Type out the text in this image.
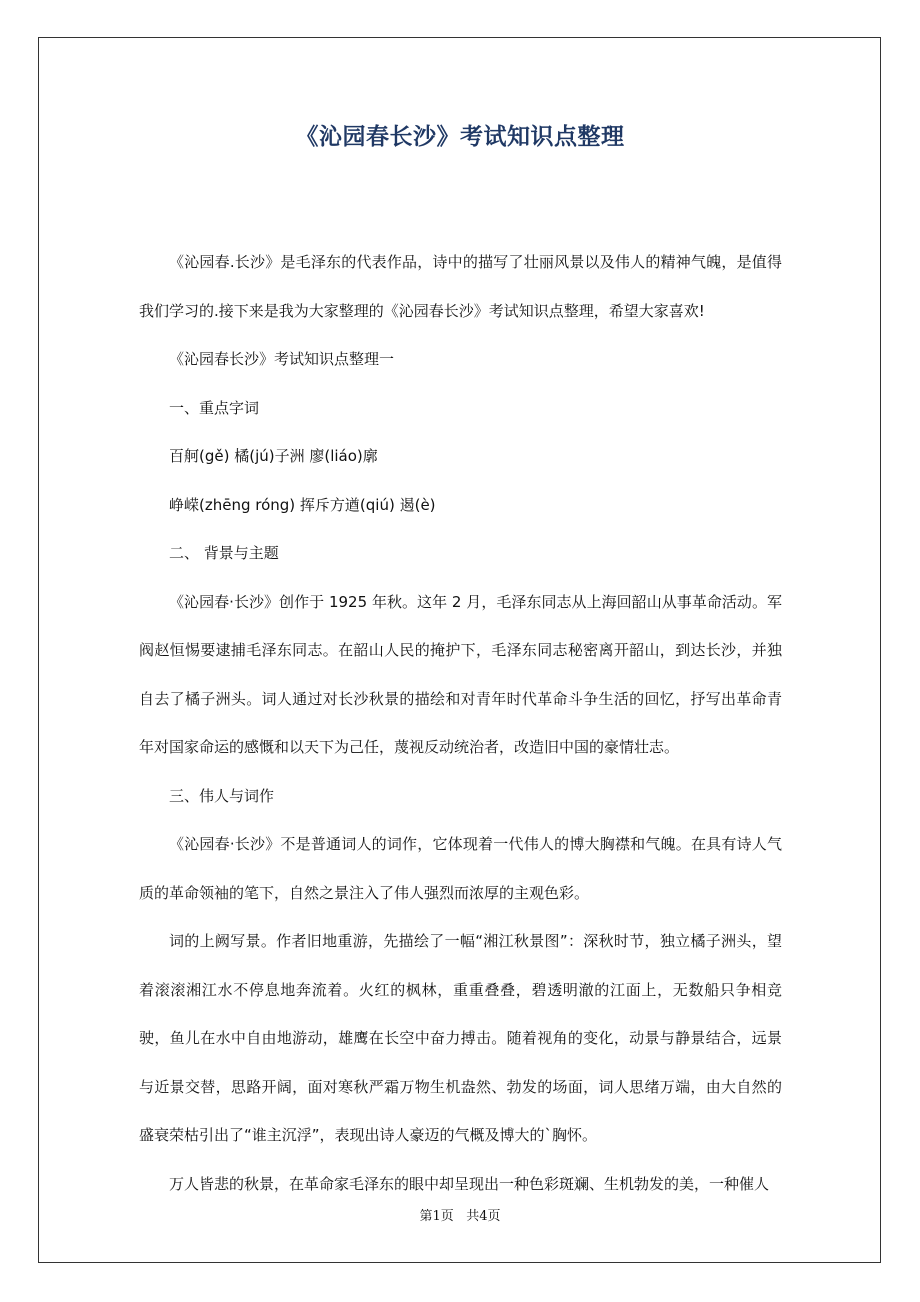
《沁园春长沙》考试知识点整理

《沁园春.长沙》是毛泽东的代表作品，诗中的描写了壮丽风景以及伟人的精神气魄，是值得我们学习的.接下来是我为大家整理的《沁园春长沙》考试知识点整理，希望大家喜欢!

《沁园春长沙》考试知识点整理一

一、重点字词

百舸(gě) 橘(jú)子洲 廖(liáo)廓

峥嵘(zhēng róng) 挥斥方遒(qiú) 遏(è)

二、 背景与主题

《沁园春·长沙》创作于 1925 年秋。这年 2 月，毛泽东同志从上海回韶山从事革命活动。军阀赵恒惕要逮捕毛泽东同志。在韶山人民的掩护下，毛泽东同志秘密离开韶山，到达长沙，并独自去了橘子洲头。词人通过对长沙秋景的描绘和对青年时代革命斗争生活的回忆，抒写出革命青年对国家命运的感慨和以天下为己任，蔑视反动统治者，改造旧中国的豪情壮志。

三、伟人与词作

《沁园春·长沙》不是普通词人的词作，它体现着一代伟人的博大胸襟和气魄。在具有诗人气质的革命领袖的笔下，自然之景注入了伟人强烈而浓厚的主观色彩。

词的上阙写景。作者旧地重游，先描绘了一幅“湘江秋景图”：深秋时节，独立橘子洲头，望着滚滚湘江水不停息地奔流着。火红的枫林，重重叠叠，碧透明澈的江面上，无数船只争相竞驶，鱼儿在水中自由地游动，雄鹰在长空中奋力搏击。随着视角的变化，动景与静景结合，远景与近景交替，思路开阔，面对寒秋严霜万物生机盎然、勃发的场面，词人思绪万端，由大自然的盛衰荣枯引出了“谁主沉浮”，表现出诗人豪迈的气概及博大的`胸怀。

万人皆悲的秋景，在革命家毛泽东的眼中却呈现出一种色彩斑斓、生机勃发的美，一种催人

第1页   共4页
